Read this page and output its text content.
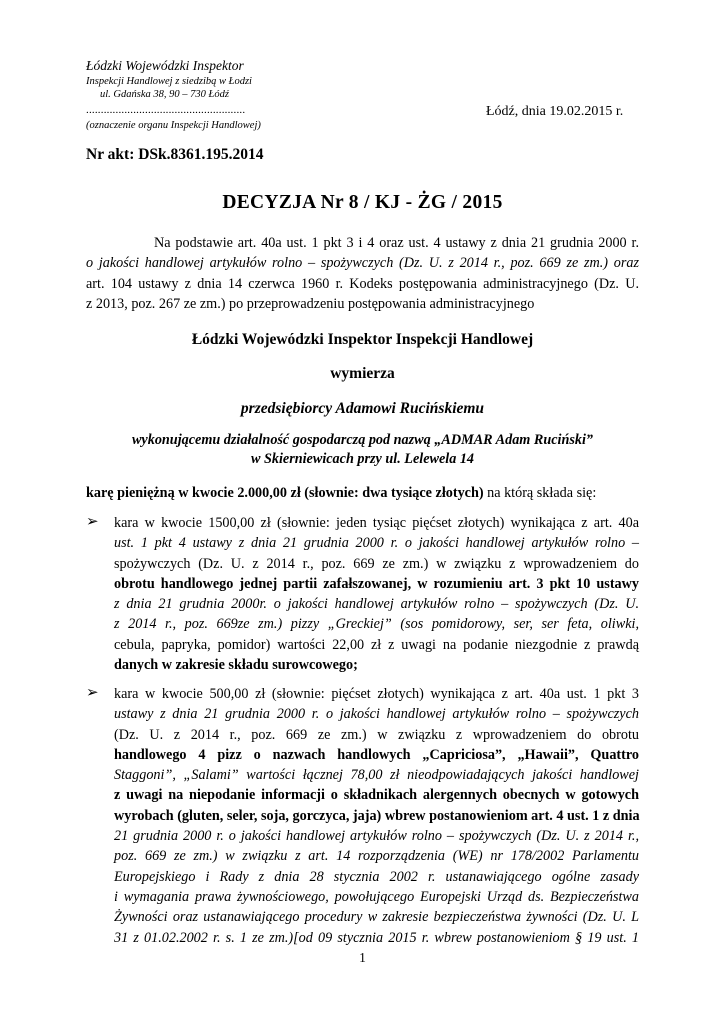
Łódzki Wojewódzki Inspektor
Inspekcji Handlowej z siedzibą w Łodzi
ul. Gdańska 38, 90 – 730 Łódź
......................................................
(oznaczenie organu Inspekcji Handlowej)
Łódź, dnia 19.02.2015 r.
Nr akt: DSk.8361.195.2014
DECYZJA Nr 8 / KJ - ŻG / 2015
Na podstawie art. 40a ust. 1 pkt 3 i 4 oraz ust. 4 ustawy z dnia 21 grudnia 2000 r.
o jakości handlowej artykułów rolno – spożywczych (Dz. U. z 2014 r., poz. 669 ze zm.) oraz
art. 104 ustawy z dnia 14 czerwca 1960 r. Kodeks postępowania administracyjnego (Dz. U.
z 2013, poz. 267 ze zm.) po przeprowadzeniu postępowania administracyjnego
Łódzki Wojewódzki Inspektor Inspekcji Handlowej
wymierza
przedsiębiorcy Adamowi Rucińskiemu
wykonującemu działalność gospodarczą pod nazwą „ADMAR Adam Ruciński”
w Skierniewicach przy ul. Lelewela 14
karę pieniężną w kwocie 2.000,00 zł (słownie: dwa tysiące złotych) na którą składa się:
➢ kara w kwocie 1500,00 zł (słownie: jeden tysiąc pięćset złotych) wynikająca z art. 40a
ust. 1 pkt 4 ustawy z dnia 21 grudnia 2000 r. o jakości handlowej artykułów rolno –
spożywczych (Dz. U. z 2014 r., poz. 669 ze zm.) w związku z wprowadzeniem do
obrotu handlowego jednej partii zafałszowanej, w rozumieniu art. 3 pkt 10 ustawy
z dnia 21 grudnia 2000r. o jakości handlowej artykułów rolno – spożywczych (Dz. U.
z 2014 r., poz. 669ze zm.) pizzy „Greckiej” (sos pomidorowy, ser, ser feta, oliwki,
cebula, papryka, pomidor) wartości 22,00 zł z uwagi na podanie niezgodnie z prawdą
danych w zakresie składu surowcowego;
➢ kara w kwocie 500,00 zł (słownie: pięćset złotych) wynikająca z art. 40a ust. 1 pkt 3
ustawy z dnia 21 grudnia 2000 r. o jakości handlowej artykułów rolno – spożywczych
(Dz. U. z 2014 r., poz. 669 ze zm.) w związku z wprowadzeniem do obrotu
handlowego 4 pizz o nazwach handlowych „Capriciosa”, „Hawaii”, Quattro
Staggoni”, „Salami” wartości łącznej 78,00 zł nieodpowiadających jakości handlowej
z uwagi na niepodanie informacji o składnikach alergennych obecnych w gotowych
wyrobach (gluten, seler, soja, gorczyca, jaja) wbrew postanowieniom art. 4 ust. 1 z dnia
21 grudnia 2000 r. o jakości handlowej artykułów rolno – spożywczych (Dz. U. z 2014 r.,
poz. 669 ze zm.) w związku z art. 14 rozporządzenia (WE) nr 178/2002 Parlamentu
Europejskiego i Rady z dnia 28 stycznia 2002 r. ustanawiającego ogólne zasady
i wymagania prawa żywnościowego, powołującego Europejski Urząd ds. Bezpieczeństwa
Żywności oraz ustanawiającego procedury w zakresie bezpieczeństwa żywności (Dz. U. L
31 z 01.02.2002 r. s. 1 ze zm.)[od 09 stycznia 2015 r. wbrew postanowieniom § 19 ust. 1
1
